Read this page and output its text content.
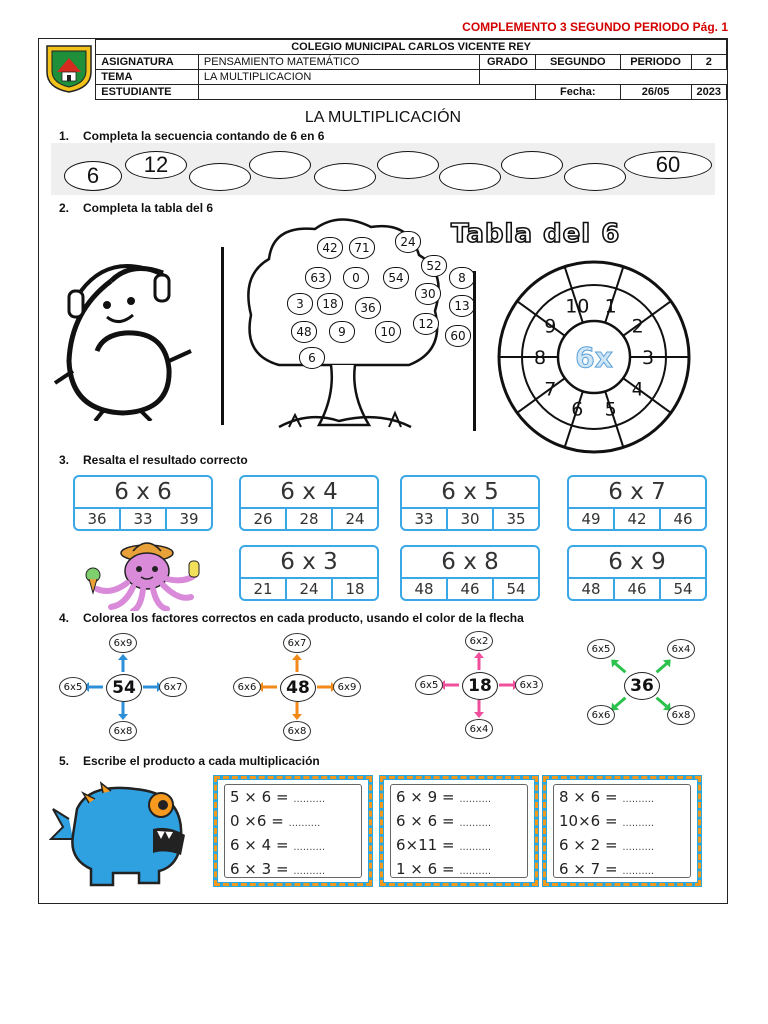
COMPLEMENTO 3 SEGUNDO PERIODO Pág. 1
	COLEGIO MUNICIPAL CARLOS VICENTE REY					
	ASIGNATURA	PENSAMIENTO MATEMÁTICO	GRADO	SEGUNDO	PERIODO	2
	TEMA	LA MULTIPLICACION				
	ESTUDIANTE			Fecha:	26/05	2023
LA MULTIPLICACIÓN
1. Completa la secuencia contando de 6 en 6
6	12	60
2. Completa la tabla del 6
42	71	24
52
63	0	54	8
3	18	36
30
13
48	9	10
12
60
6
Tabla del 6
10 1
2
3
4
5
6
7
8
9
6x
3. Resalta el resultado correcto
6 x 6
36	33	39
6 x 4
26	28	24
6 x 5
33	30	35
6 x 7
49	42	46
6 x 3
21	24	18
6 x 8
48	46	54
6 x 9
48	46	54
4. Colorea los factores correctos en cada producto, usando el color de la flecha
54
6x9
6x7
6x8
6x5	48
6x7
6x9
6x8
6x6	18
6x2
6x3
6x4
6x5	36
6x5	6x4
6x8
6x6
5. Escribe el producto a cada multiplicación
5 × 6 = ..........
0 ×6 = ..........
6 × 4 = ..........
6 × 3 = ..........
6 × 9 = ..........
6 × 6 = ..........
6×11 = ..........
1 × 6 = ..........
8 × 6 = ..........
10×6 = ..........
6 × 2 = ..........
6 × 7 = ..........
